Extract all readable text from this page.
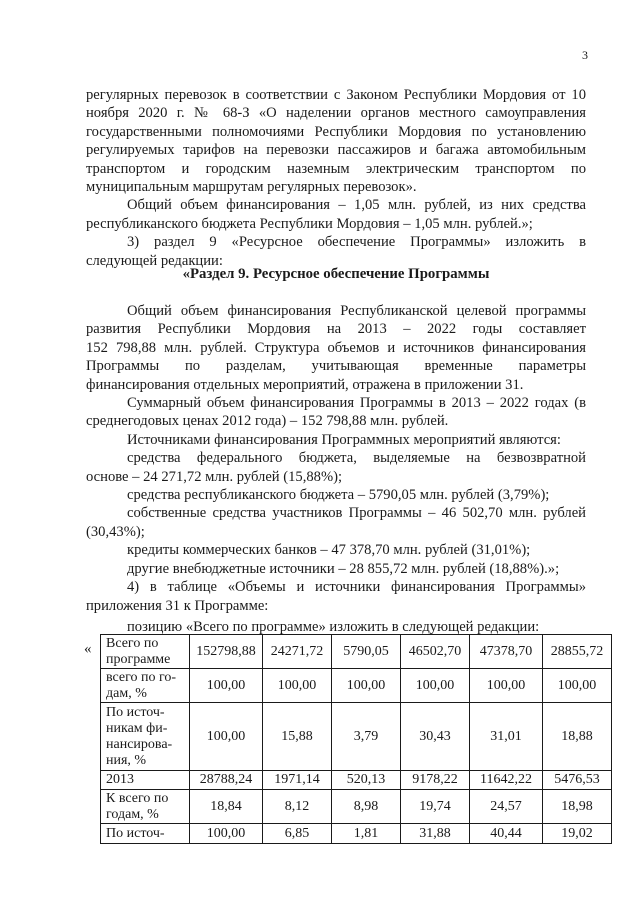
3

регулярных перевозок в соответствии с Законом Республики Мордовия от 10

ноября 2020 г. № 68-З «О наделении органов местного самоуправления

государственными полномочиями Республики Мордовия по установлению

регулируемых тарифов на перевозки пассажиров и багажа автомобильным

транспортом и городским наземным электрическим транспортом по

муниципальным маршрутам регулярных перевозок».

Общий объем финансирования – 1,05 млн. рублей, из них средства

республиканского бюджета Республики Мордовия – 1,05 млн. рублей.»;

3) раздел 9 «Ресурсное обеспечение Программы» изложить в

следующей редакции:

«Раздел 9. Ресурсное обеспечение Программы

Общий объем финансирования Республиканской целевой программы

развития Республики Мордовия на 2013 – 2022 годы составляет

152 798,88 млн. рублей. Структура объемов и источников финансирования

Программы по разделам, учитывающая временные параметры

финансирования отдельных мероприятий, отражена в приложении 31.

Суммарный объем финансирования Программы в 2013 – 2022 годах (в

среднегодовых ценах 2012 года) – 152 798,88 млн. рублей.

Источниками финансирования Программных мероприятий являются:

средства федерального бюджета, выделяемые на безвозвратной

основе – 24 271,72 млн. рублей (15,88%);

средства республиканского бюджета – 5790,05 млн. рублей (3,79%);

собственные средства участников Программы – 46 502,70 млн. рублей

(30,43%);

кредиты коммерческих банков – 47 378,70 млн. рублей (31,01%);

другие внебюджетные источники – 28 855,72 млн. рублей (18,88%).»;

4) в таблице «Объемы и источники финансирования Программы»

приложения 31 к Программе:

позицию «Всего по программе» изложить в следующей редакции:

« Всего по
программе	152798,88	24271,72	5790,05	46502,70	47378,70	28855,72
всего по го-
дам, %	100,00	100,00	100,00	100,00	100,00	100,00
По источ-
никам фи-
нансирова-
ния, %	100,00	15,88	3,79	30,43	31,01	18,88
2013	28788,24	1971,14	520,13	9178,22	11642,22	5476,53
К всего по
годам, %	18,84	8,12	8,98	19,74	24,57	18,98
По источ-	100,00	6,85	1,81	31,88	40,44	19,02
